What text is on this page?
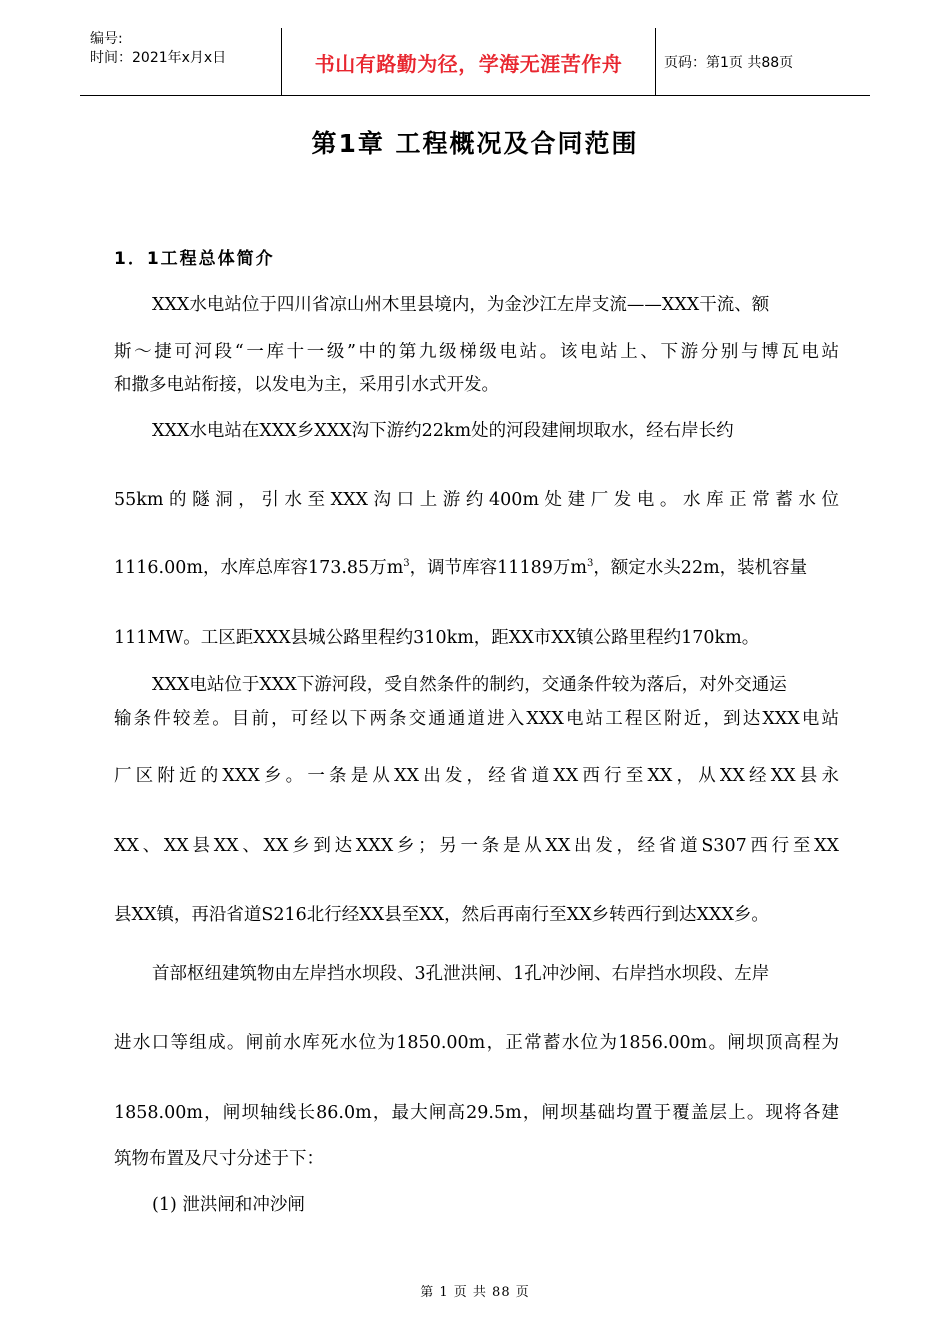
编号:
时间：2021年x月x日	书山有路勤为径，学海无涯苦作舟	页码：第1页 共88页
第1章 工程概况及合同范围
1．1工程总体简介
XXX水电站位于四川省凉山州木里县境内，为金沙江左岸支流——XXX干流、额
斯～捷可河段“一库十一级”中的第九级梯级电站。该电站上、下游分别与博瓦电站
和撒多电站衔接，以发电为主，采用引水式开发。
XXX水电站在XXX乡XXX沟下游约22km处的河段建闸坝取水，经右岸长约
55km的隧洞，引水至XXX沟口上游约400m处建厂发电。水库正常蓄水位
1116.00m，水库总库容173.85万$m^3$，调节库容11189万$m^3$，额定水头22m，装机容量
111MW。工区距XXX县城公路里程约310km，距XX市XX镇公路里程约170km。
XXX电站位于XXX下游河段，受自然条件的制约，交通条件较为落后，对外交通运
输条件较差。目前，可经以下两条交通通道进入XXX电站工程区附近，到达XXX电站
厂区附近的XXX乡。一条是从XX出发，经省道XX西行至XX，从XX经XX县永
XX、XX县XX、XX乡到达XXX乡；另一条是从XX出发，经省道S307西行至XX
县XX镇，再沿省道S216北行经XX县至XX，然后再南行至XX乡转西行到达XXX乡。
首部枢纽建筑物由左岸挡水坝段、3孔泄洪闸、1孔冲沙闸、右岸挡水坝段、左岸
进水口等组成。闸前水库死水位为1850.00m，正常蓄水位为1856.00m。闸坝顶高程为
1858.00m，闸坝轴线长86.0m，最大闸高29.5m，闸坝基础均置于覆盖层上。现将各建
筑物布置及尺寸分述于下：
(1) 泄洪闸和冲沙闸
第 1 页 共 88 页
